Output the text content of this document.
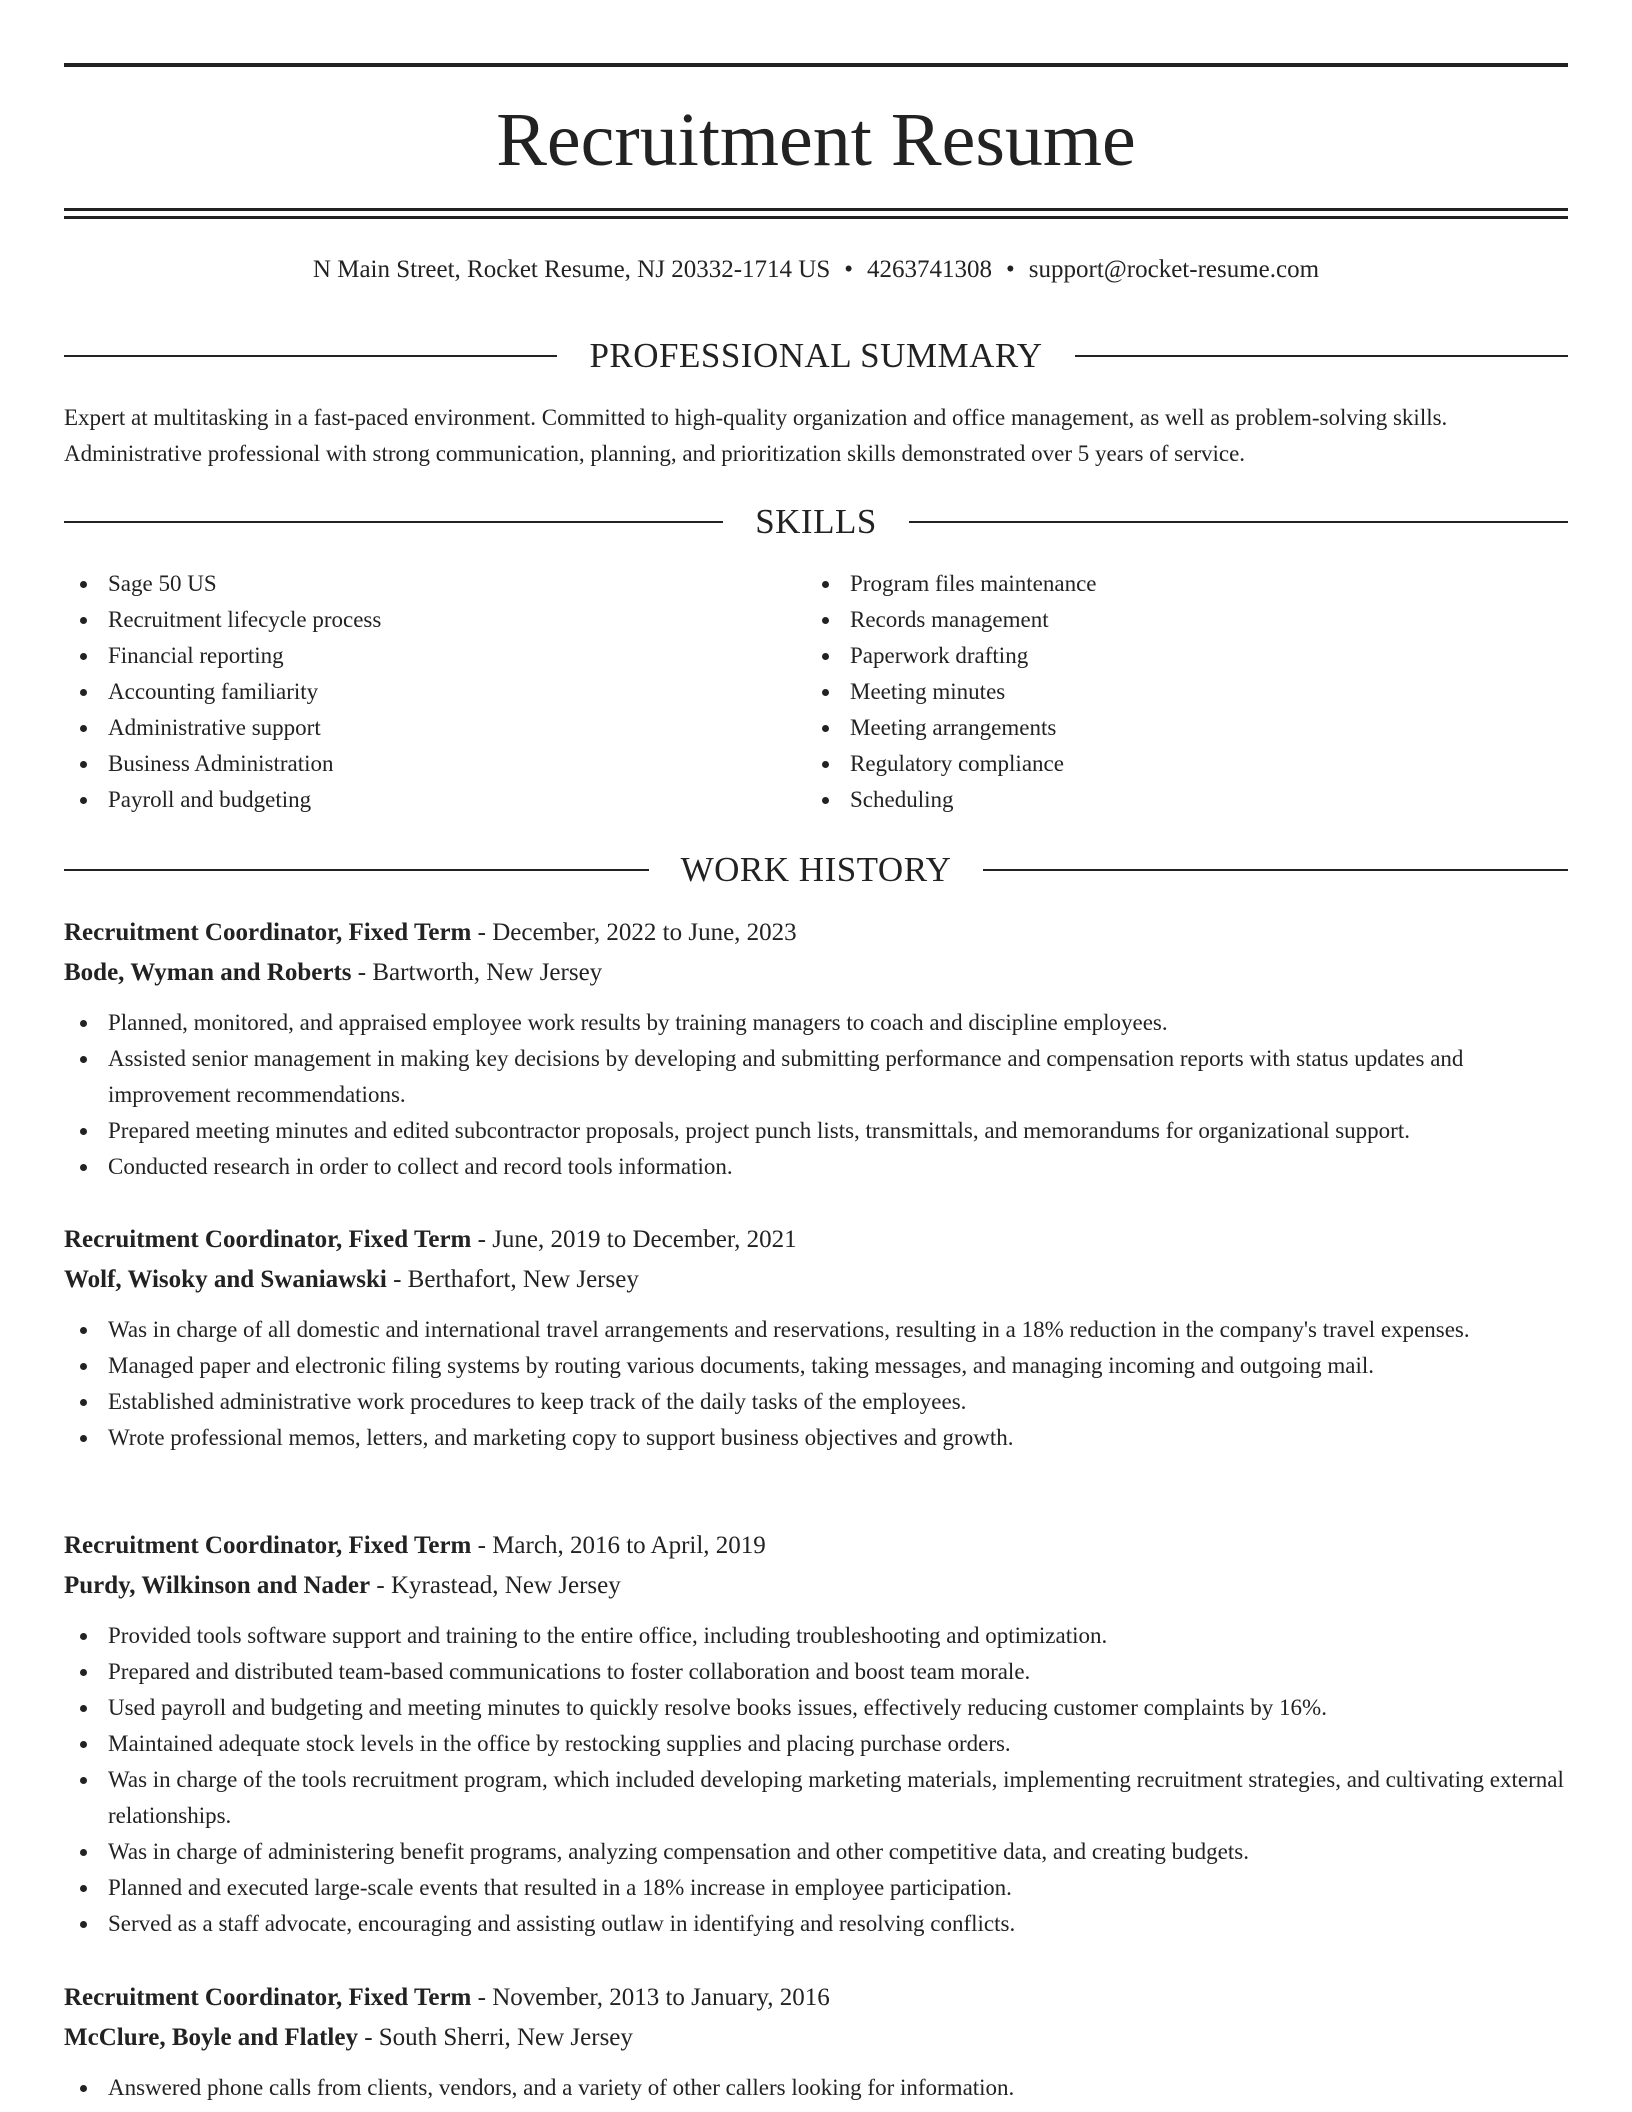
Recruitment Resume
N Main Street, Rocket Resume, NJ 20332-1714 US • 4263741308 • support@rocket-resume.com
PROFESSIONAL SUMMARY

Expert at multitasking in a fast-paced environment. Committed to high-quality organization and office management, as well as problem-solving skills. Administrative professional with strong communication, planning, and prioritization skills demonstrated over 5 years of service.

SKILLS
Sage 50 US
Recruitment lifecycle process
Financial reporting
Accounting familiarity
Administrative support
Business Administration
Payroll and budgeting
Program files maintenance
Records management
Paperwork drafting
Meeting minutes
Meeting arrangements
Regulatory compliance
Scheduling
WORK HISTORY
Recruitment Coordinator, Fixed Term - December, 2022 to June, 2023
Bode, Wyman and Roberts - Bartworth, New Jersey
Planned, monitored, and appraised employee work results by training managers to coach and discipline employees.
Assisted senior management in making key decisions by developing and submitting performance and compensation reports with status updates and improvement recommendations.
Prepared meeting minutes and edited subcontractor proposals, project punch lists, transmittals, and memorandums for organizational support.
Conducted research in order to collect and record tools information.
Recruitment Coordinator, Fixed Term - June, 2019 to December, 2021
Wolf, Wisoky and Swaniawski - Berthafort, New Jersey
Was in charge of all domestic and international travel arrangements and reservations, resulting in a 18% reduction in the company's travel expenses.
Managed paper and electronic filing systems by routing various documents, taking messages, and managing incoming and outgoing mail.
Established administrative work procedures to keep track of the daily tasks of the employees.
Wrote professional memos, letters, and marketing copy to support business objectives and growth.
Recruitment Coordinator, Fixed Term - March, 2016 to April, 2019
Purdy, Wilkinson and Nader - Kyrastead, New Jersey
Provided tools software support and training to the entire office, including troubleshooting and optimization.
Prepared and distributed team-based communications to foster collaboration and boost team morale.
Used payroll and budgeting and meeting minutes to quickly resolve books issues, effectively reducing customer complaints by 16%.
Maintained adequate stock levels in the office by restocking supplies and placing purchase orders.
Was in charge of the tools recruitment program, which included developing marketing materials, implementing recruitment strategies, and cultivating external relationships.
Was in charge of administering benefit programs, analyzing compensation and other competitive data, and creating budgets.
Planned and executed large-scale events that resulted in a 18% increase in employee participation.
Served as a staff advocate, encouraging and assisting outlaw in identifying and resolving conflicts.
Recruitment Coordinator, Fixed Term - November, 2013 to January, 2016
McClure, Boyle and Flatley - South Sherri, New Jersey
Answered phone calls from clients, vendors, and a variety of other callers looking for information.
